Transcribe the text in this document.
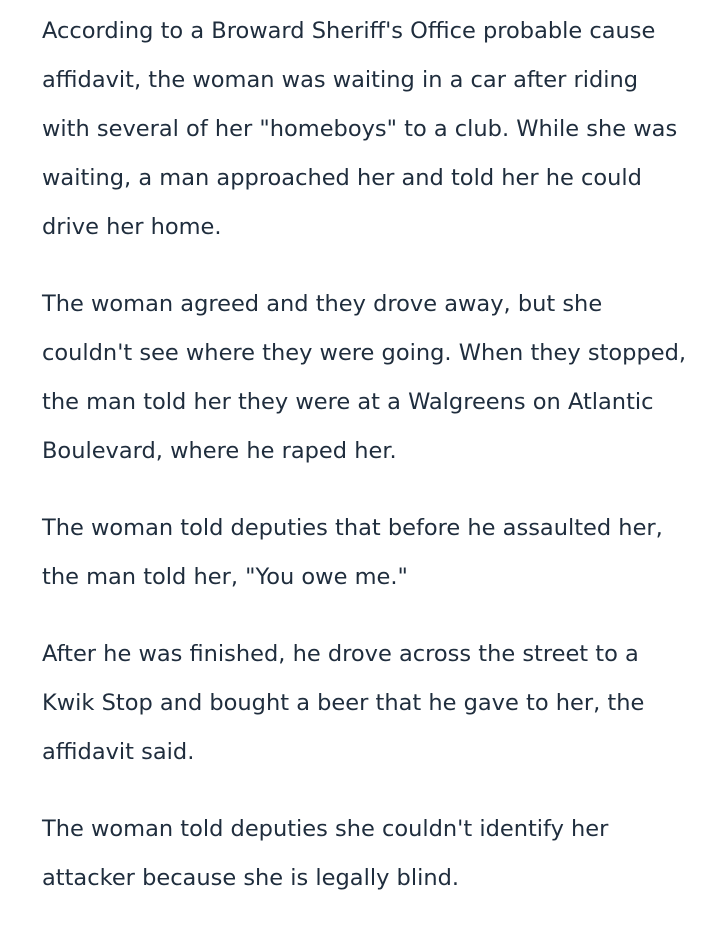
According to a Broward Sheriff's Office probable cause affidavit, the woman was waiting in a car after riding with several of her "homeboys" to a club. While she was waiting, a man approached her and told her he could drive her home.

The woman agreed and they drove away, but she couldn't see where they were going. When they stopped, the man told her they were at a Walgreens on Atlantic Boulevard, where he raped her.

The woman told deputies that before he assaulted her, the man told her, "You owe me."

After he was finished, he drove across the street to a Kwik Stop and bought a beer that he gave to her, the affidavit said.

The woman told deputies she couldn't identify her attacker because she is legally blind.
